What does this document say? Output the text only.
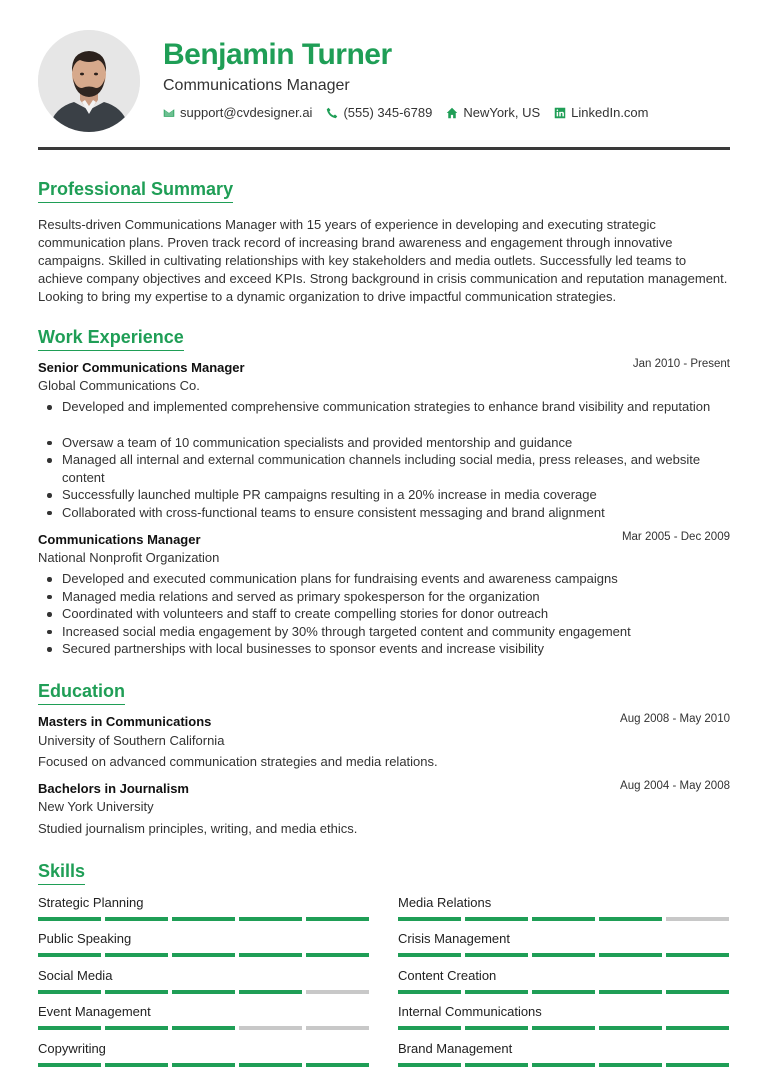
Benjamin Turner

Communications Manager

support@cvdesigner.ai (555) 345-6789 NewYork, US LinkedIn.com
Professional Summary

Results-driven Communications Manager with 15 years of experience in developing and executing strategic communication plans. Proven track record of increasing brand awareness and engagement through innovative campaigns. Skilled in cultivating relationships with key stakeholders and media outlets. Successfully led teams to achieve company objectives and exceed KPIs. Strong background in crisis communication and reputation management. Looking to bring my expertise to a dynamic organization to drive impactful communication strategies.

Work Experience

Senior Communications Manager	Jan 2010 - Present

Global Communications Co.

Developed and implemented comprehensive communication strategies to enhance brand visibility and reputation
Oversaw a team of 10 communication specialists and provided mentorship and guidance
Managed all internal and external communication channels including social media, press releases, and website content
Successfully launched multiple PR campaigns resulting in a 20% increase in media coverage
Collaborated with cross-functional teams to ensure consistent messaging and brand alignment

Communications Manager	Mar 2005 - Dec 2009

National Nonprofit Organization

Developed and executed communication plans for fundraising events and awareness campaigns
Managed media relations and served as primary spokesperson for the organization
Coordinated with volunteers and staff to create compelling stories for donor outreach
Increased social media engagement by 30% through targeted content and community engagement
Secured partnerships with local businesses to sponsor events and increase visibility
Education

Masters in Communications	Aug 2008 - May 2010

University of Southern California

Focused on advanced communication strategies and media relations.

Bachelors in Journalism	Aug 2004 - May 2008

New York University

Studied journalism principles, writing, and media ethics.

Skills

Strategic Planning	Media Relations

Public Speaking	Crisis Management

Social Media	Content Creation

Event Management	Internal Communications

Copywriting	Brand Management
